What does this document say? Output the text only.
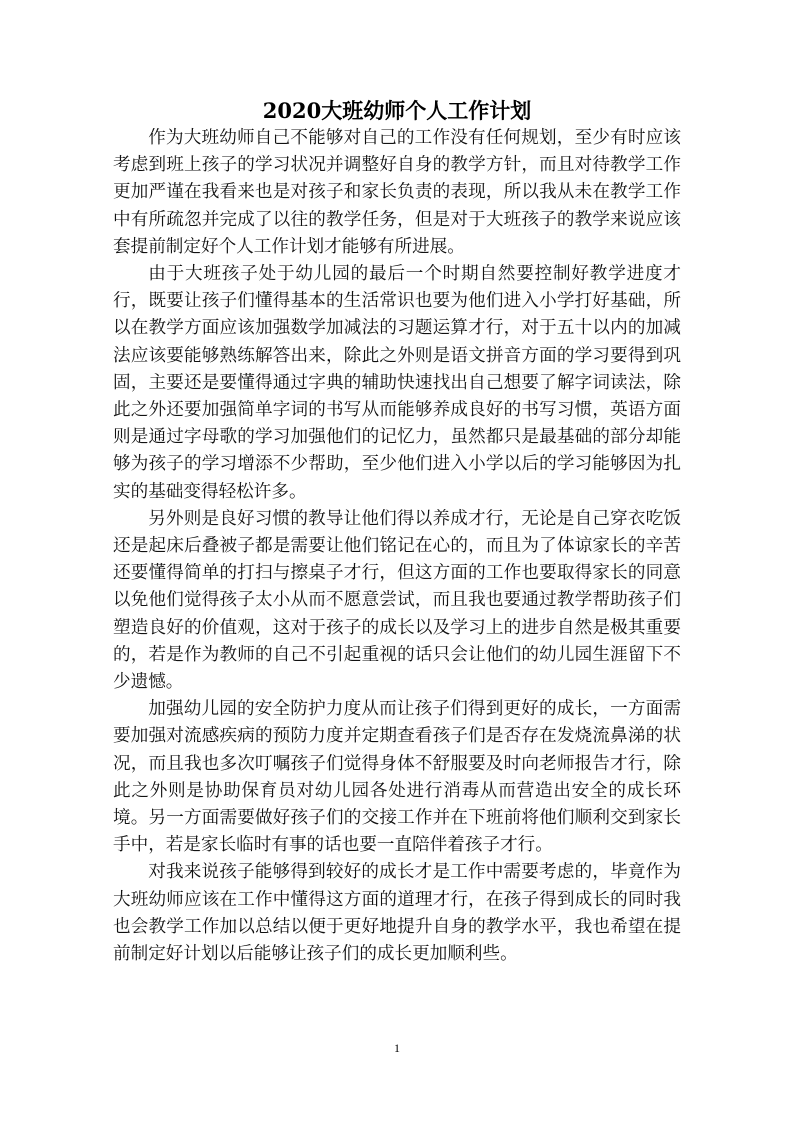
2020大班幼师个人工作计划

作为大班幼师自己不能够对自己的工作没有任何规划，至少有时应该考虑到班上孩子的学习状况并调整好自身的教学方针，而且对待教学工作更加严谨在我看来也是对孩子和家长负责的表现，所以我从未在教学工作中有所疏忽并完成了以往的教学任务，但是对于大班孩子的教学来说应该套提前制定好个人工作计划才能够有所进展。

由于大班孩子处于幼儿园的最后一个时期自然要控制好教学进度才行，既要让孩子们懂得基本的生活常识也要为他们进入小学打好基础，所以在教学方面应该加强数学加减法的习题运算才行，对于五十以内的加减法应该要能够熟练解答出来，除此之外则是语文拼音方面的学习要得到巩固，主要还是要懂得通过字典的辅助快速找出自己想要了解字词读法，除此之外还要加强简单字词的书写从而能够养成良好的书写习惯，英语方面则是通过字母歌的学习加强他们的记忆力，虽然都只是最基础的部分却能够为孩子的学习增添不少帮助，至少他们进入小学以后的学习能够因为扎实的基础变得轻松许多。

另外则是良好习惯的教导让他们得以养成才行，无论是自己穿衣吃饭还是起床后叠被子都是需要让他们铭记在心的，而且为了体谅家长的辛苦还要懂得简单的打扫与擦桌子才行，但这方面的工作也要取得家长的同意以免他们觉得孩子太小从而不愿意尝试，而且我也要通过教学帮助孩子们塑造良好的价值观，这对于孩子的成长以及学习上的进步自然是极其重要的，若是作为教师的自己不引起重视的话只会让他们的幼儿园生涯留下不少遗憾。

加强幼儿园的安全防护力度从而让孩子们得到更好的成长，一方面需要加强对流感疾病的预防力度并定期查看孩子们是否存在发烧流鼻涕的状况，而且我也多次叮嘱孩子们觉得身体不舒服要及时向老师报告才行，除此之外则是协助保育员对幼儿园各处进行消毒从而营造出安全的成长环境。另一方面需要做好孩子们的交接工作并在下班前将他们顺利交到家长手中，若是家长临时有事的话也要一直陪伴着孩子才行。

对我来说孩子能够得到较好的成长才是工作中需要考虑的，毕竟作为大班幼师应该在工作中懂得这方面的道理才行，在孩子得到成长的同时我也会教学工作加以总结以便于更好地提升自身的教学水平，我也希望在提前制定好计划以后能够让孩子们的成长更加顺利些。

1
